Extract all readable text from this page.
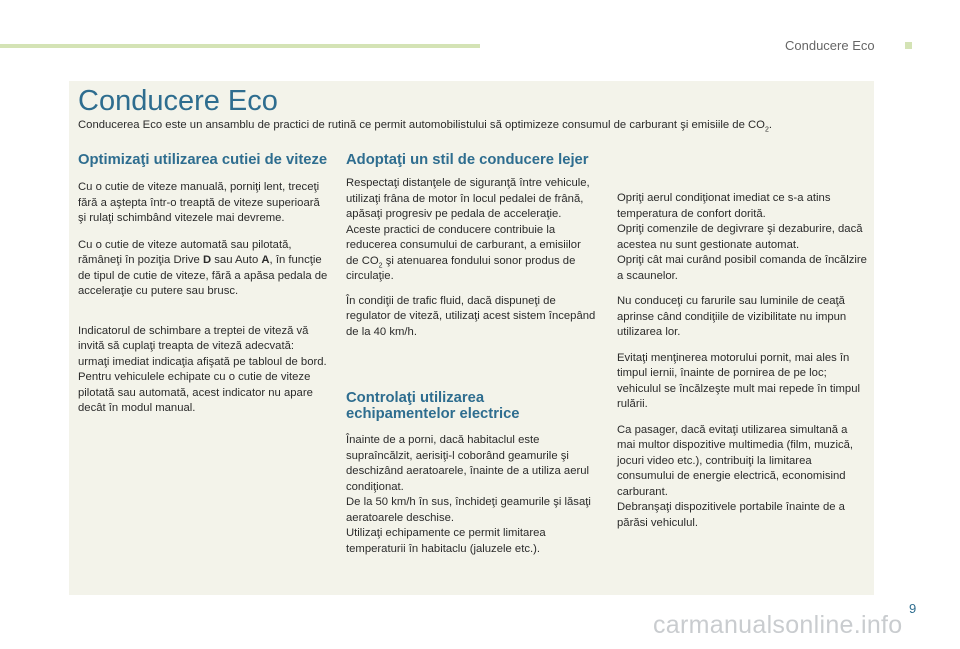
Conducere Eco
Conducere Eco
Conducerea Eco este un ansamblu de practici de rutină ce permit automobilistului să optimizeze consumul de carburant şi emisiile de $CO_2$.
Optimizaţi utilizarea cutiei de viteze

Cu o cutie de viteze manuală, porniţi lent, treceţi fără a aştepta într-o treaptă de viteze superioară şi rulaţi schimbând vitezele mai devreme.

Cu o cutie de viteze automată sau pilotată, rămâneţi în poziţia Drive D sau Auto A, în funcţie de tipul de cutie de viteze, fără a apăsa pedala de acceleraţie cu putere sau brusc.

Indicatorul de schimbare a treptei de viteză vă invită să cuplaţi treapta de viteză adecvată: urmaţi imediat indicaţia afişată pe tabloul de bord.
Pentru vehiculele echipate cu o cutie de viteze pilotată sau automată, acest indicator nu apare decât în modul manual.

Adoptaţi un stil de conducere lejer

Respectaţi distanţele de siguranţă între vehicule, utilizaţi frâna de motor în locul pedalei de frână, apăsaţi progresiv pe pedala de acceleraţie. Aceste practici de conducere contribuie la reducerea consumului de carburant, a emisiilor de $CO_2$ şi atenuarea fondului sonor produs de circulaţie.

În condiţii de trafic fluid, dacă dispuneţi de regulator de viteză, utilizaţi acest sistem începând de la 40 km/h.

Controlaţi utilizarea echipamentelor electrice

Înainte de a porni, dacă habitaclul este supraîncălzit, aerisiţi-l coborând geamurile şi deschizând aeratoarele, înainte de a utiliza aerul condiţionat.
De la 50 km/h în sus, închideţi geamurile şi lăsaţi aeratoarele deschise.
Utilizaţi echipamente ce permit limitarea temperaturii în habitaclu (jaluzele etc.).

Opriţi aerul condiţionat imediat ce s-a atins temperatura de confort dorită.
Opriţi comenzile de degivrare şi dezaburire, dacă acestea nu sunt gestionate automat.
Opriţi cât mai curând posibil comanda de încălzire a scaunelor.

Nu conduceţi cu farurile sau luminile de ceaţă aprinse când condiţiile de vizibilitate nu impun utilizarea lor.

Evitaţi menţinerea motorului pornit, mai ales în timpul iernii, înainte de pornirea de pe loc; vehiculul se încălzeşte mult mai repede în timpul rulării.

Ca pasager, dacă evitaţi utilizarea simultană a mai multor dispozitive multimedia (film, muzică, jocuri video etc.), contribuiţi la limitarea consumului de energie electrică, economisind carburant.
Debranşaţi dispozitivele portabile înainte de a părăsi vehiculul.

9
carmanualsonline.info
